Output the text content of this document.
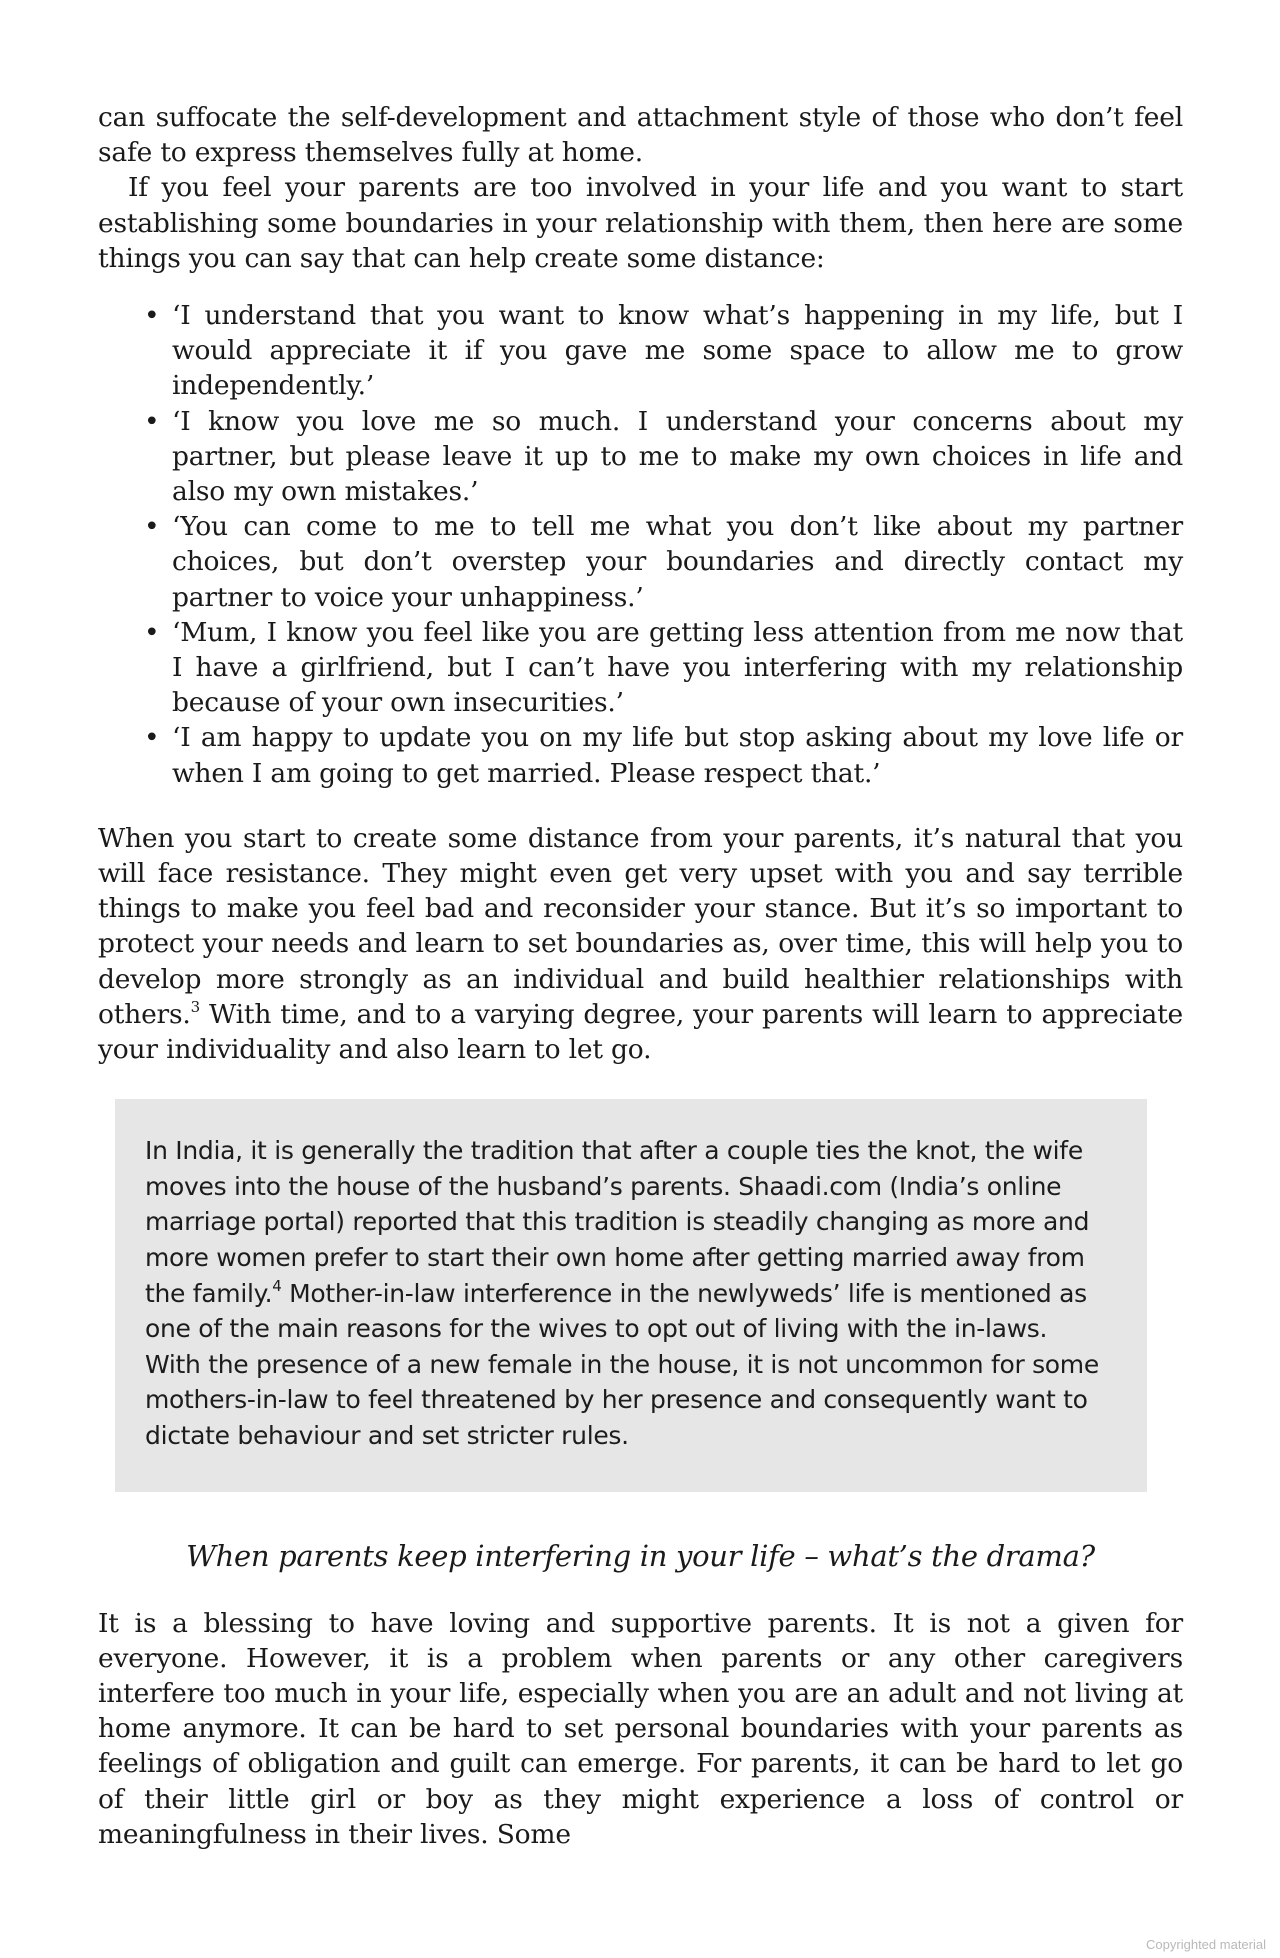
can suffocate the self-development and attachment style of those who don’t feel safe to express themselves fully at home.

If you feel your parents are too involved in your life and you want to start establishing some boundaries in your relationship with them, then here are some things you can say that can help create some distance:

• ‘I understand that you want to know what’s happening in my life, but I would appreciate it if you gave me some space to allow me to grow independently.’
• ‘I know you love me so much. I understand your concerns about my partner, but please leave it up to me to make my own choices in life and also my own mistakes.’
• ‘You can come to me to tell me what you don’t like about my partner choices, but don’t overstep your boundaries and directly contact my partner to voice your unhappiness.’
• ‘Mum, I know you feel like you are getting less attention from me now that I have a girlfriend, but I can’t have you interfering with my relationship because of your own insecurities.’
• ‘I am happy to update you on my life but stop asking about my love life or when I am going to get married. Please respect that.’

When you start to create some distance from your parents, it’s natural that you will face resistance. They might even get very upset with you and say terrible things to make you feel bad and reconsider your stance. But it’s so important to protect your needs and learn to set boundaries as, over time, this will help you to develop more strongly as an individual and build healthier relationships with others.$^3$ With time, and to a varying degree, your parents will learn to appreciate your individuality and also learn to let go.

In India, it is generally the tradition that after a couple ties the knot, the wife moves into the house of the husband’s parents. Shaadi.com (India’s online marriage portal) reported that this tradition is steadily changing as more and more women prefer to start their own home after getting married away from the family.$^4$ Mother-in-law interference in the newlyweds’ life is mentioned as one of the main reasons for the wives to opt out of living with the in-laws. With the presence of a new female in the house, it is not uncommon for some mothers-in-law to feel threatened by her presence and consequently want to dictate behaviour and set stricter rules.

When parents keep interfering in your life – what’s the drama?

It is a blessing to have loving and supportive parents. It is not a given for everyone. However, it is a problem when parents or any other caregivers interfere too much in your life, especially when you are an adult and not living at home anymore. It can be hard to set personal boundaries with your parents as feelings of obligation and guilt can emerge. For parents, it can be hard to let go of their little girl or boy as they might experience a loss of control or meaningfulness in their lives. Some

Copyrighted material
